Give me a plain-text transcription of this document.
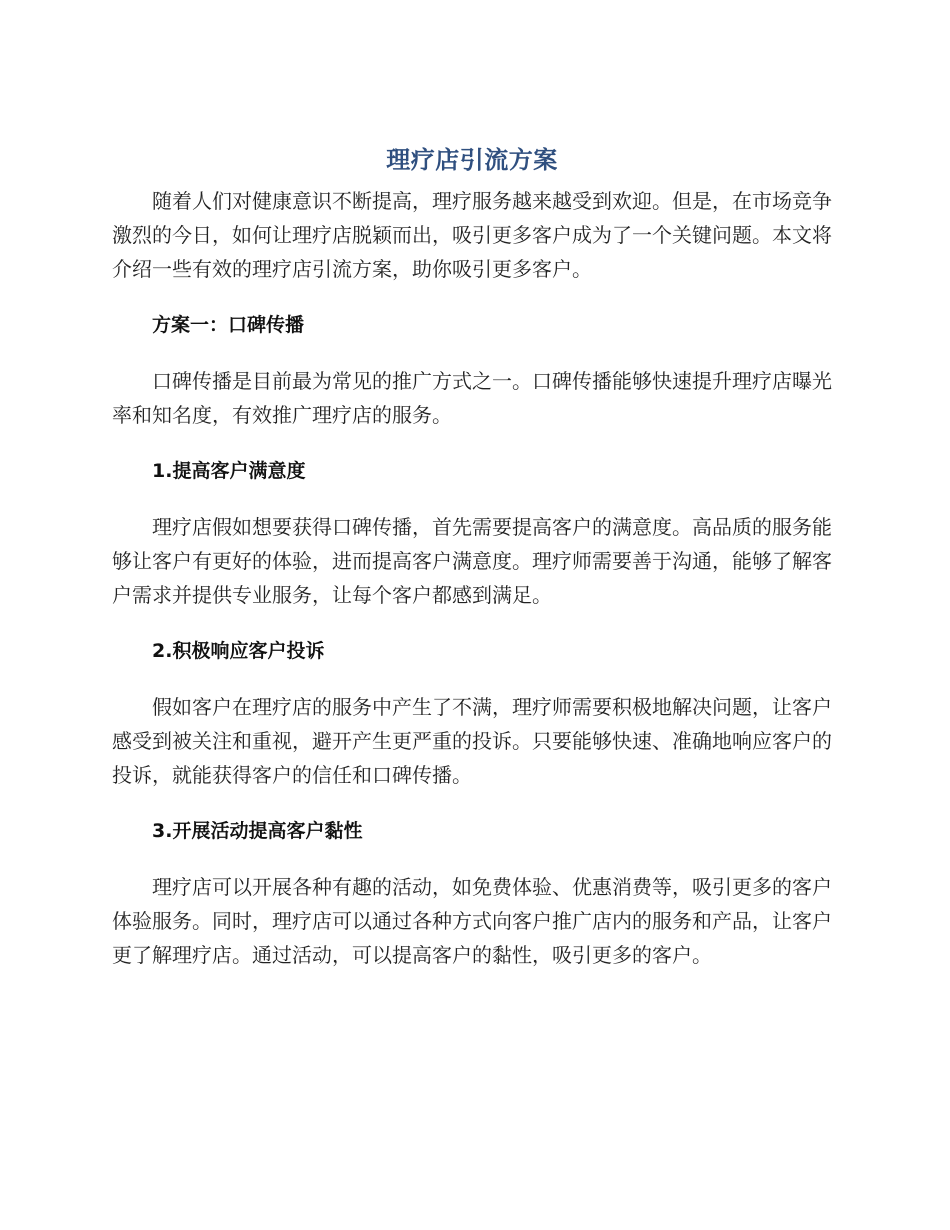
理疗店引流方案

随着人们对健康意识不断提高，理疗服务越来越受到欢迎。但是，在市场竞争激烈的今日，如何让理疗店脱颖而出，吸引更多客户成为了一个关键问题。本文将介绍一些有效的理疗店引流方案，助你吸引更多客户。

方案一：口碑传播

口碑传播是目前最为常见的推广方式之一。口碑传播能够快速提升理疗店曝光率和知名度，有效推广理疗店的服务。

1.提高客户满意度

理疗店假如想要获得口碑传播，首先需要提高客户的满意度。高品质的服务能够让客户有更好的体验，进而提高客户满意度。理疗师需要善于沟通，能够了解客户需求并提供专业服务，让每个客户都感到满足。

2.积极响应客户投诉

假如客户在理疗店的服务中产生了不满，理疗师需要积极地解决问题，让客户感受到被关注和重视，避开产生更严重的投诉。只要能够快速、准确地响应客户的投诉，就能获得客户的信任和口碑传播。

3.开展活动提高客户黏性

理疗店可以开展各种有趣的活动，如免费体验、优惠消费等，吸引更多的客户体验服务。同时，理疗店可以通过各种方式向客户推广店内的服务和产品，让客户更了解理疗店。通过活动，可以提高客户的黏性，吸引更多的客户。
